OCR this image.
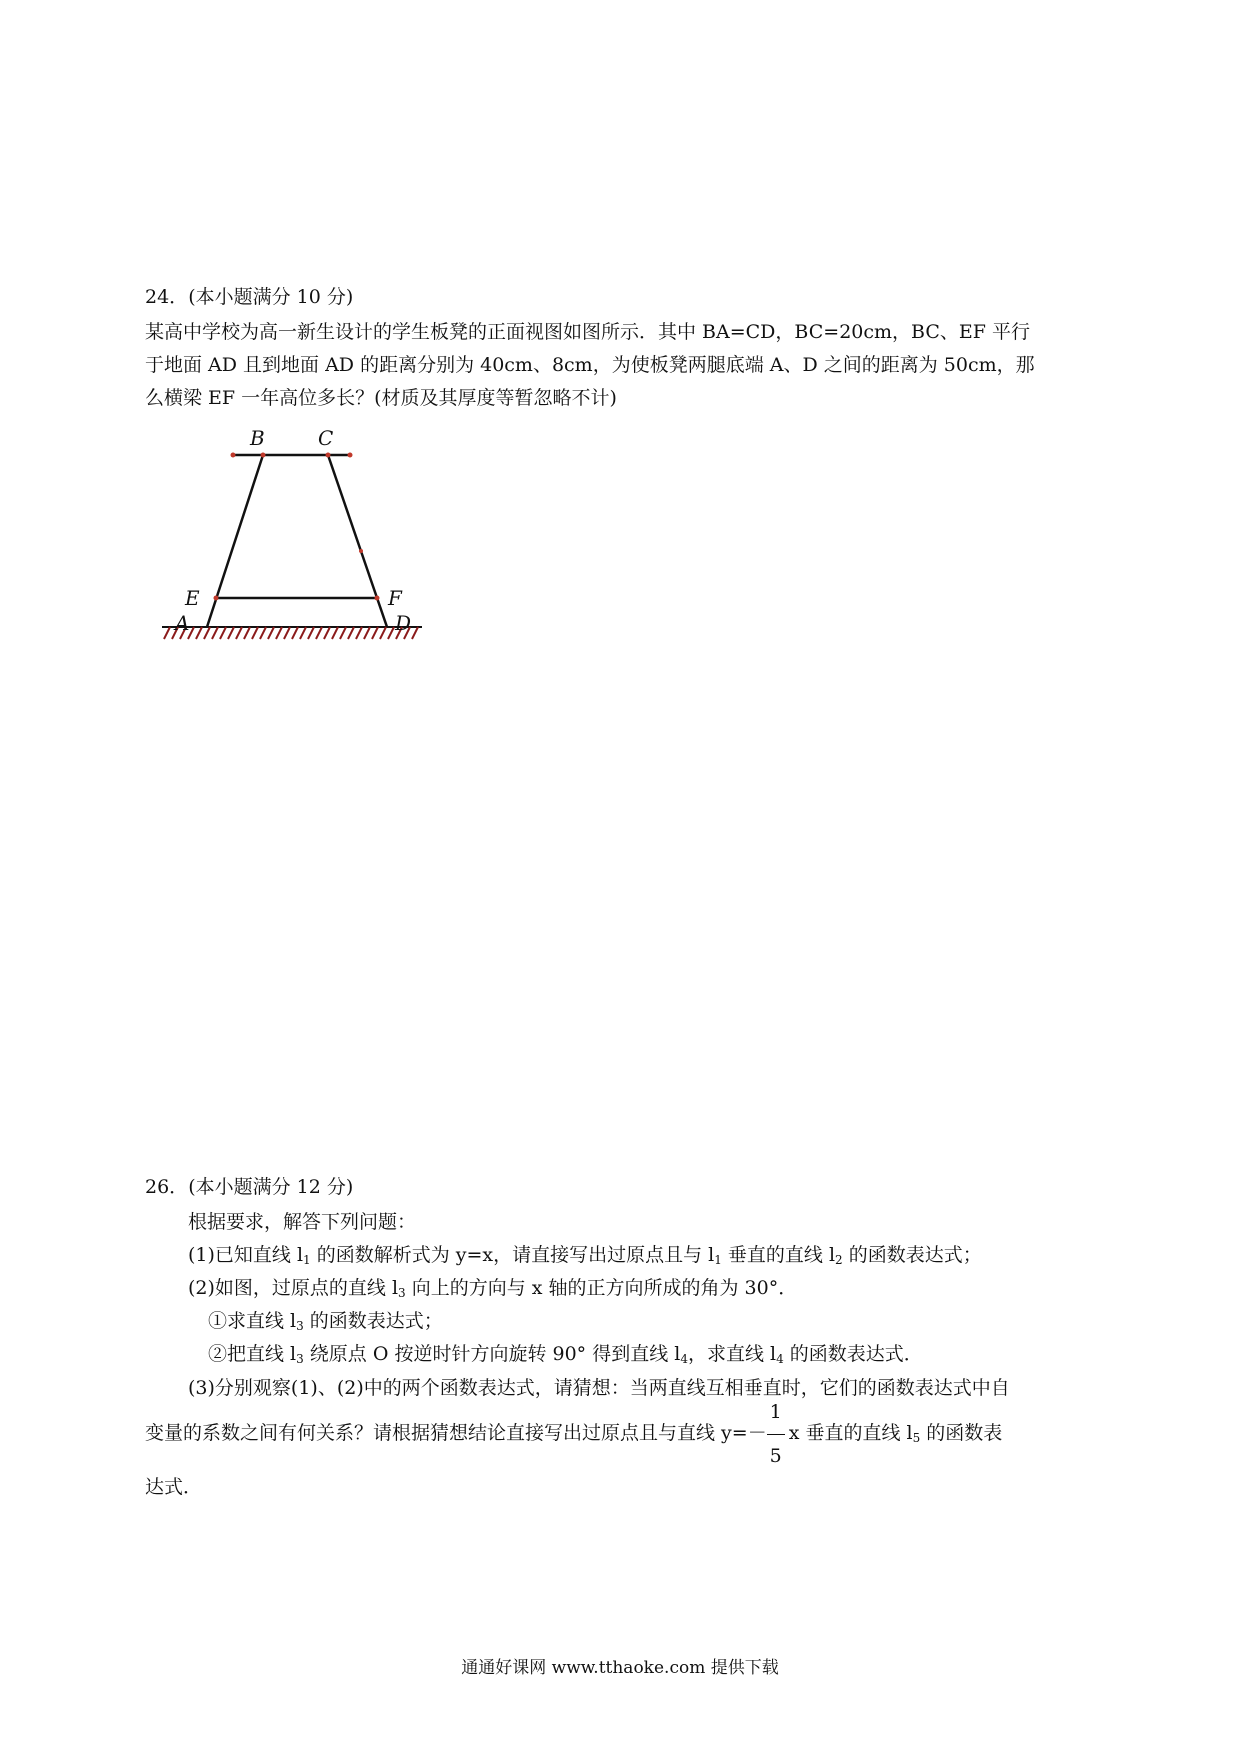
24．(本小题满分 10 分)
某高中学校为高一新生设计的学生板凳的正面视图如图所示．其中 BA=CD，BC=20cm，BC、EF 平行
于地面 AD 且到地面 AD 的距离分别为 40cm、8cm，为使板凳两腿底端 A、D 之间的距离为 50cm，那
么横梁 EF 一年高位多长？(材质及其厚度等暂忽略不计)
B	C
E	F
A	D
26．(本小题满分 12 分)
根据要求，解答下列问题：
(1)已知直线 $l_1$ 的函数解析式为 y=x，请直接写出过原点且与 $l_1$ 垂直的直线 $l_2$ 的函数表达式；
(2)如图，过原点的直线 $l_3$ 向上的方向与 x 轴的正方向所成的角为 30°．
①求直线 $l_3$ 的函数表达式；
②把直线 $l_3$ 绕原点 O 按逆时针方向旋转 90° 得到直线 $l_4$，求直线 $l_4$ 的函数表达式．
(3)分别观察(1)、(2)中的两个函数表达式，请猜想：当两直线互相垂直时，它们的函数表达式中自
变量的系数之间有何关系？请根据猜想结论直接写出过原点且与直线 $y=- \frac{1}{5}$ x 垂直的直线 $l_5$ 的函数表
达式．
通通好课网 www.tthaoke.com 提供下载
